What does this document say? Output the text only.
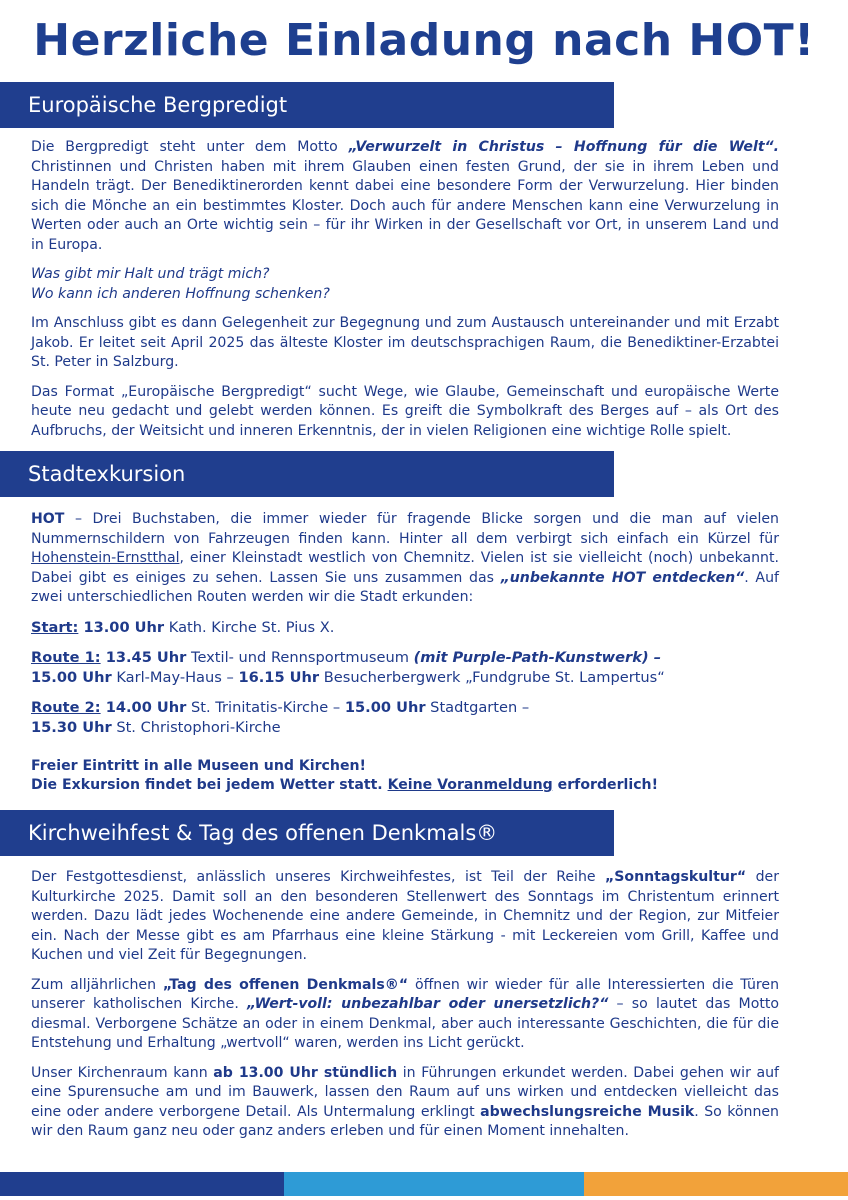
Herzliche Einladung nach HOT!
Europäische Bergpredigt

Die Bergpredigt steht unter dem Motto „Verwurzelt in Christus – Hoffnung für die Welt“. Christinnen und Christen haben mit ihrem Glauben einen festen Grund, der sie in ihrem Leben und Handeln trägt. Der Benediktinerorden kennt dabei eine besondere Form der Verwurzelung. Hier binden sich die Mönche an ein bestimmtes Kloster. Doch auch für andere Menschen kann eine Verwurzelung in Werten oder auch an Orte wichtig sein – für ihr Wirken in der Gesellschaft vor Ort, in unserem Land und in Europa.

Was gibt mir Halt und trägt mich?

Wo kann ich anderen Hoffnung schenken?

Im Anschluss gibt es dann Gelegenheit zur Begegnung und zum Austausch untereinander und mit Erzabt Jakob. Er leitet seit April 2025 das älteste Kloster im deutschsprachigen Raum, die Benediktiner-Erzabtei St. Peter in Salzburg.

Das Format „Europäische Bergpredigt“ sucht Wege, wie Glaube, Gemeinschaft und europäische Werte heute neu gedacht und gelebt werden können. Es greift die Symbolkraft des Berges auf – als Ort des Aufbruchs, der Weitsicht und inneren Erkenntnis, der in vielen Religionen eine wichtige Rolle spielt.

Stadtexkursion

HOT – Drei Buchstaben, die immer wieder für fragende Blicke sorgen und die man auf vielen Nummernschildern von Fahrzeugen finden kann. Hinter all dem verbirgt sich einfach ein Kürzel für Hohenstein-Ernstthal, einer Kleinstadt westlich von Chemnitz. Vielen ist sie vielleicht (noch) unbekannt. Dabei gibt es einiges zu sehen. Lassen Sie uns zusammen das „unbekannte HOT entdecken“. Auf zwei unterschiedlichen Routen werden wir die Stadt erkunden:

Start: 13.00 Uhr Kath. Kirche St. Pius X.

Route 1: 13.45 Uhr Textil- und Rennsportmuseum (mit Purple-Path-Kunstwerk) –
15.00 Uhr Karl-May-Haus – 16.15 Uhr Besucherbergwerk „Fundgrube St. Lampertus“

Route 2: 14.00 Uhr St. Trinitatis-Kirche – 15.00 Uhr Stadtgarten –
15.30 Uhr St. Christophori-Kirche

Freier Eintritt in alle Museen und Kirchen!

Die Exkursion findet bei jedem Wetter statt. Keine Voranmeldung erforderlich!

Kirchweihfest & Tag des offenen Denkmals®

Der Festgottesdienst, anlässlich unseres Kirchweihfestes, ist Teil der Reihe „Sonntagskultur“ der Kulturkirche 2025. Damit soll an den besonderen Stellenwert des Sonntags im Christentum erinnert werden. Dazu lädt jedes Wochenende eine andere Gemeinde, in Chemnitz und der Region, zur Mitfeier ein. Nach der Messe gibt es am Pfarrhaus eine kleine Stärkung - mit Leckereien vom Grill, Kaffee und Kuchen und viel Zeit für Begegnungen.

Zum alljährlichen „Tag des offenen Denkmals®“ öffnen wir wieder für alle Interessierten die Türen unserer katholischen Kirche. „Wert-voll: unbezahlbar oder unersetzlich?“ – so lautet das Motto diesmal. Verborgene Schätze an oder in einem Denkmal, aber auch interessante Geschichten, die für die Entstehung und Erhaltung „wertvoll“ waren, werden ins Licht gerückt.

Unser Kirchenraum kann ab 13.00 Uhr stündlich in Führungen erkundet werden. Dabei gehen wir auf eine Spurensuche am und im Bauwerk, lassen den Raum auf uns wirken und entdecken vielleicht das eine oder andere verborgene Detail. Als Untermalung erklingt abwechslungsreiche Musik. So können wir den Raum ganz neu oder ganz anders erleben und für einen Moment innehalten.
